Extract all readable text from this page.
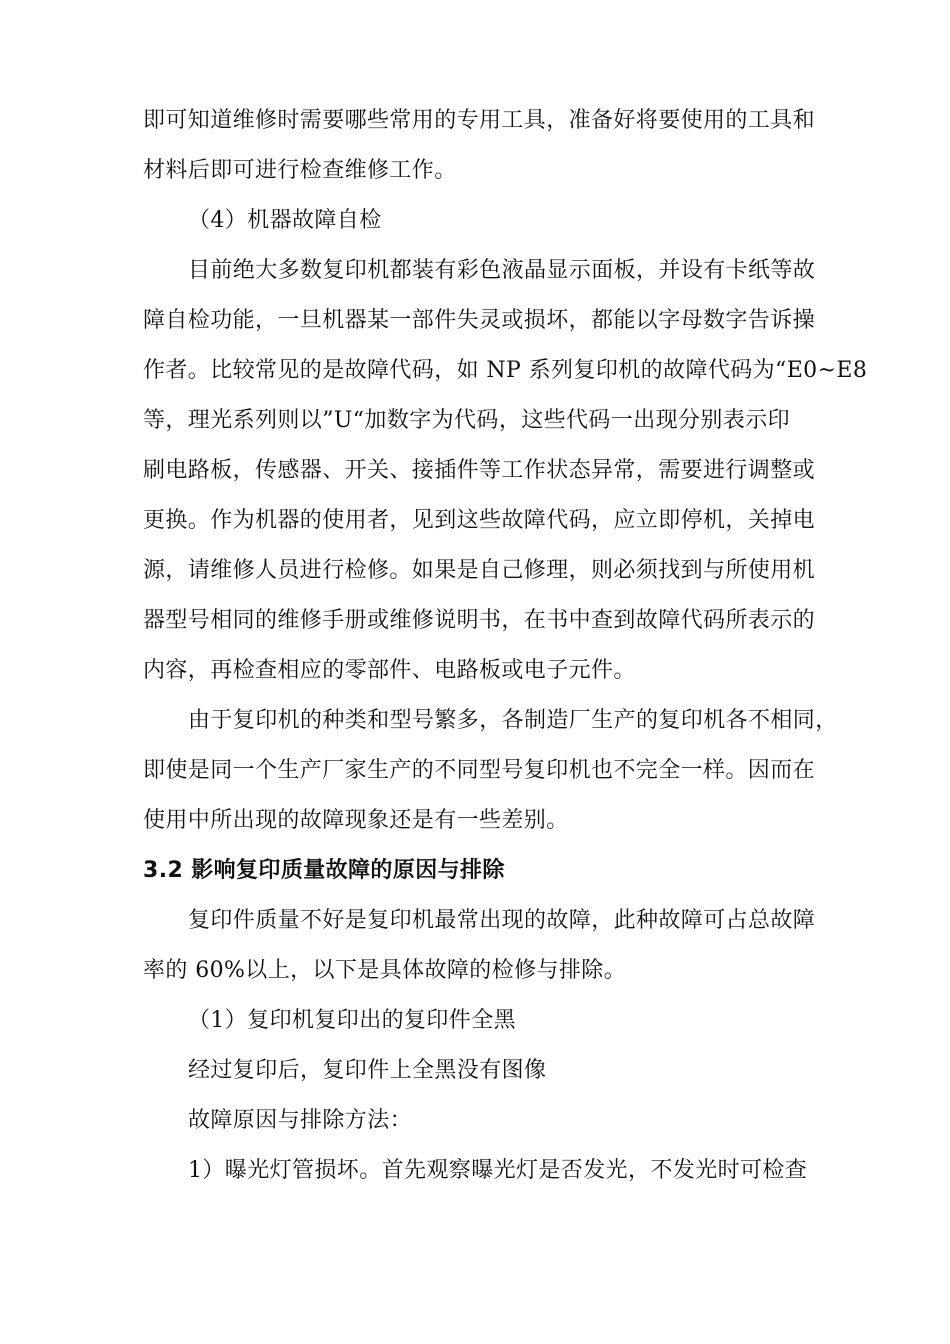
即可知道维修时需要哪些常用的专用工具，准备好将要使用的工具和
材料后即可进行检查维修工作。
（4）机器故障自检
目前绝大多数复印机都装有彩色液晶显示面板，并设有卡纸等故
障自检功能，一旦机器某一部件失灵或损坏，都能以字母数字告诉操
作者。比较常见的是故障代码，如 NP 系列复印机的故障代码为“E0~E8
等，理光系列则以”U“加数字为代码，这些代码一出现分别表示印
刷电路板，传感器、开关、接插件等工作状态异常，需要进行调整或
更换。作为机器的使用者，见到这些故障代码，应立即停机，关掉电
源，请维修人员进行检修。如果是自己修理，则必须找到与所使用机
器型号相同的维修手册或维修说明书，在书中查到故障代码所表示的
内容，再检查相应的零部件、电路板或电子元件。
由于复印机的种类和型号繁多，各制造厂生产的复印机各不相同，
即使是同一个生产厂家生产的不同型号复印机也不完全一样。因而在
使用中所出现的故障现象还是有一些差别。
3.2 影响复印质量故障的原因与排除
复印件质量不好是复印机最常出现的故障，此种故障可占总故障
率的 60%以上，以下是具体故障的检修与排除。
（1）复印机复印出的复印件全黑
经过复印后，复印件上全黑没有图像
故障原因与排除方法：
1）曝光灯管损坏。首先观察曝光灯是否发光，不发光时可检查
